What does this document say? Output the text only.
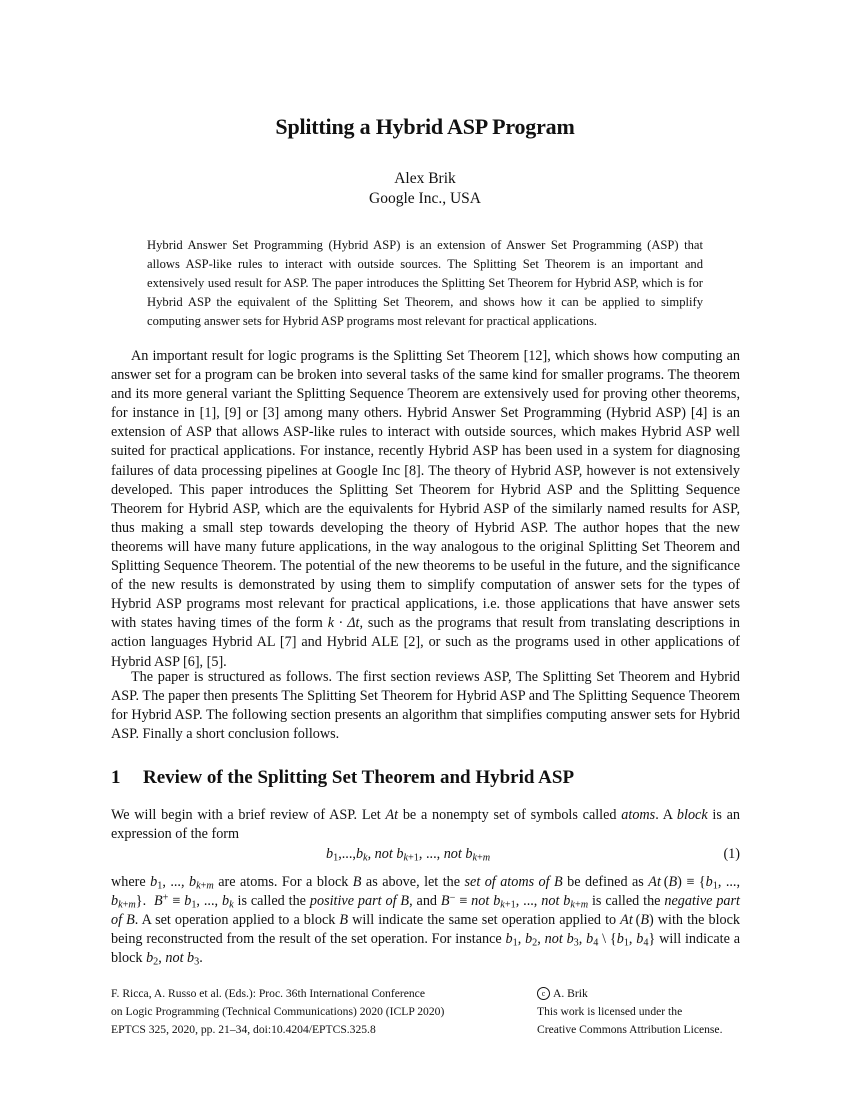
Splitting a Hybrid ASP Program
Alex Brik
Google Inc., USA

Hybrid Answer Set Programming (Hybrid ASP) is an extension of Answer Set Programming (ASP) that allows ASP-like rules to interact with outside sources. The Splitting Set Theorem is an important and extensively used result for ASP. The paper introduces the Splitting Set Theorem for Hybrid ASP, which is for Hybrid ASP the equivalent of the Splitting Set Theorem, and shows how it can be applied to simplify computing answer sets for Hybrid ASP programs most relevant for practical applications.

An important result for logic programs is the Splitting Set Theorem [12], which shows how computing an answer set for a program can be broken into several tasks of the same kind for smaller programs. The theorem and its more general variant the Splitting Sequence Theorem are extensively used for proving other theorems, for instance in [1], [9] or [3] among many others. Hybrid Answer Set Programming (Hybrid ASP) [4] is an extension of ASP that allows ASP-like rules to interact with outside sources, which makes Hybrid ASP well suited for practical applications. For instance, recently Hybrid ASP has been used in a system for diagnosing failures of data processing pipelines at Google Inc [8]. The theory of Hybrid ASP, however is not extensively developed. This paper introduces the Splitting Set Theorem for Hybrid ASP and the Splitting Sequence Theorem for Hybrid ASP, which are the equivalents for Hybrid ASP of the similarly named results for ASP, thus making a small step towards developing the theory of Hybrid ASP. The author hopes that the new theorems will have many future applications, in the way analogous to the original Splitting Set Theorem and Splitting Sequence Theorem. The potential of the new theorems to be useful in the future, and the significance of the new results is demonstrated by using them to simplify computation of answer sets for the types of Hybrid ASP programs most relevant for practical applications, i.e. those applications that have answer sets with states having times of the form k · Δt, such as the programs that result from translating descriptions in action languages Hybrid AL [7] and Hybrid ALE [2], or such as the programs used in other applications of Hybrid ASP [6], [5].

The paper is structured as follows. The first section reviews ASP, The Splitting Set Theorem and Hybrid ASP. The paper then presents The Splitting Set Theorem for Hybrid ASP and The Splitting Sequence Theorem for Hybrid ASP. The following section presents an algorithm that simplifies computing answer sets for Hybrid ASP. Finally a short conclusion follows.

1 Review of the Splitting Set Theorem and Hybrid ASP

We will begin with a brief review of ASP. Let At be a nonempty set of symbols called atoms. A block is an expression of the form

$b_1,...,b_k$, not $b_{k+1}$, ..., not $b_{k+m}$	(1)

where $b_1$, ..., $b_{k+m}$ are atoms. For a block B as above, let the set of atoms of B be defined as At $(B) \equiv \{b_1$, ..., $b_{k+m}$}.  $B^+ \equiv b_1$, ..., $b_k$ is called the positive part of B, and B− ≡ not $b_{k+1}$, ..., not $b_{k+m}$ is called the negative part of B. A set operation applied to a block B will indicate the same set operation applied to At (B) with the block being reconstructed from the result of the set operation. For instance $b_1$, $b_2$, not $b_3$, $b_4$ \ {$b_1$, $b_4$} will indicate a block $b_2$, not $b_3$.

F. Ricca, A. Russo et al. (Eds.): Proc. 36th International Conference
on Logic Programming (Technical Communications) 2020 (ICLP 2020)
EPTCS 325, 2020, pp. 21–34, doi:10.4204/EPTCS.325.8
c A. Brik
This work is licensed under the
Creative Commons Attribution License.
